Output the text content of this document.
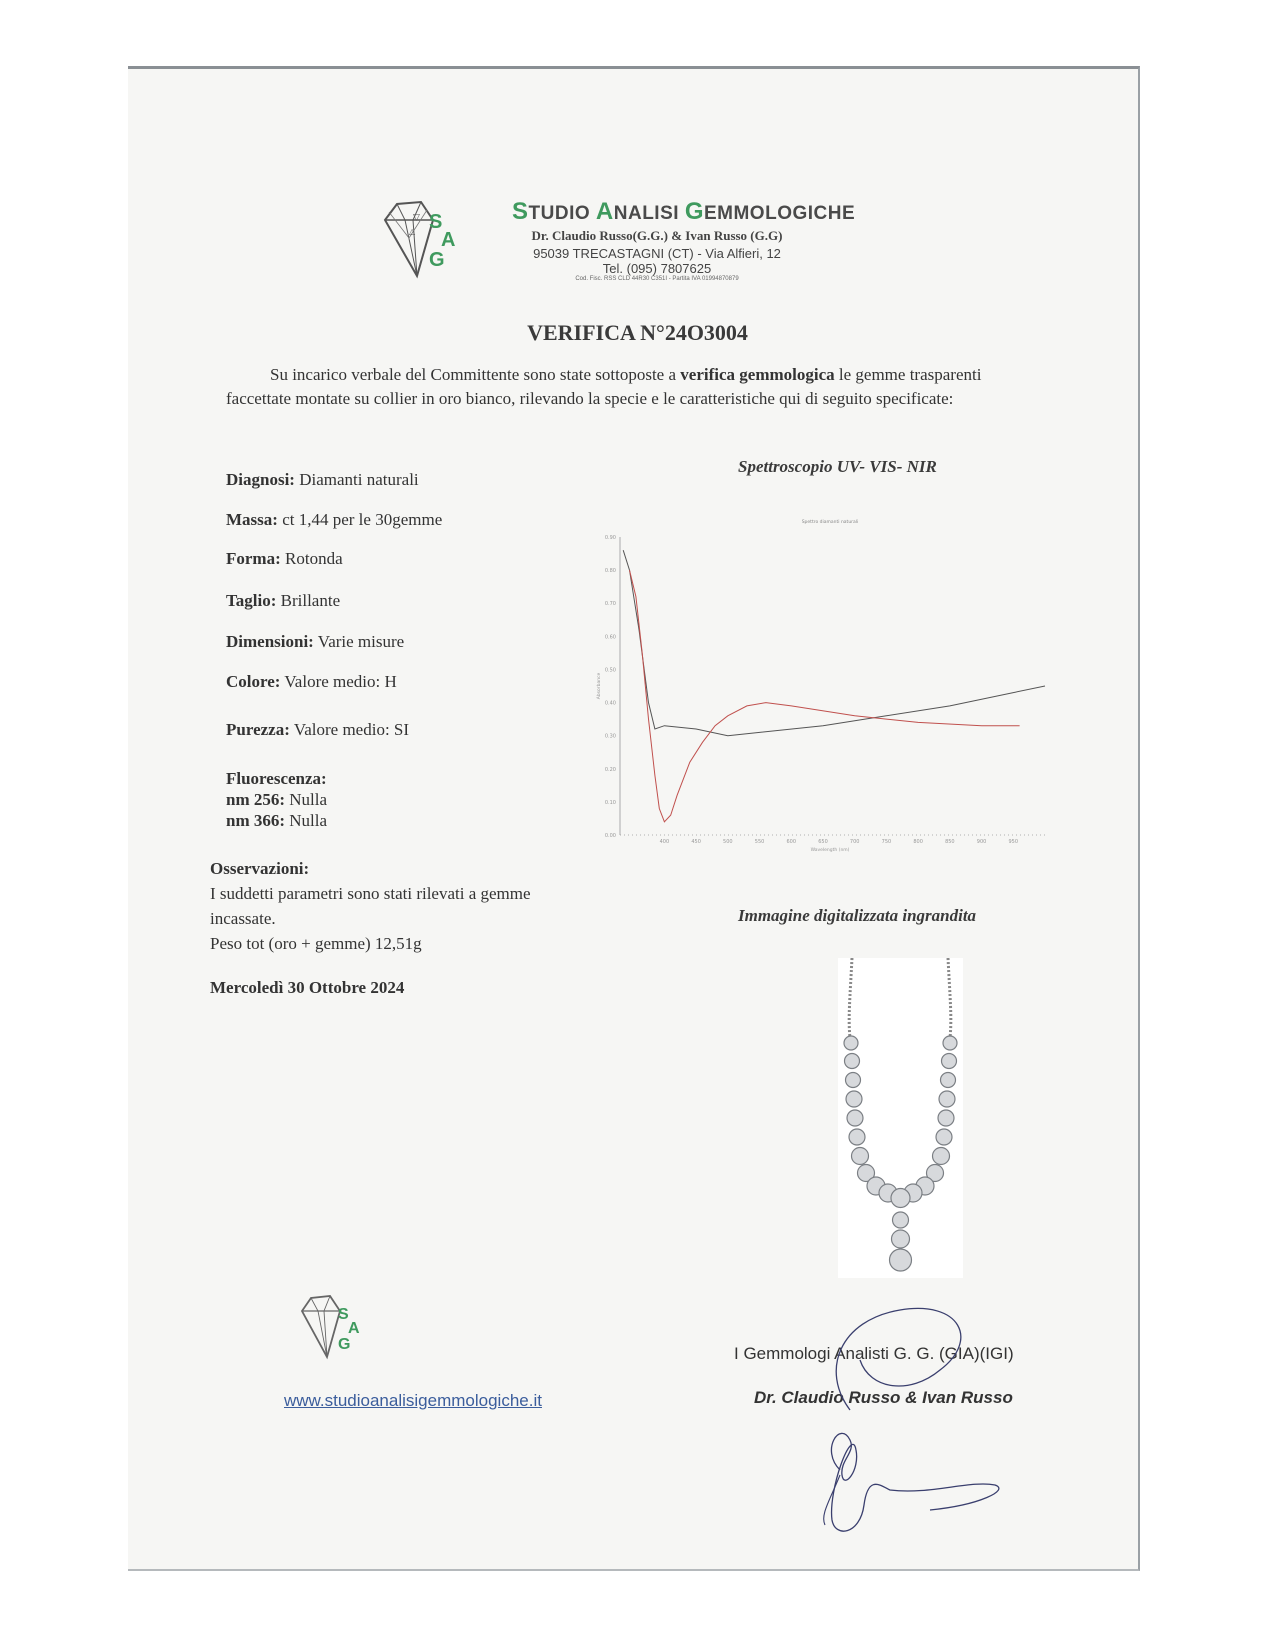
▽
△ S
A
G
STUDIO ANALISI GEMMOLOGICHE
Dr. Claudio Russo(G.G.) & Ivan Russo (G.G)
95039 TRECASTAGNI (CT) - Via Alfieri, 12
Tel. (095) 7807625
Cod. Fisc. RSS CLD 44R30 C351I - Partita IVA 01994870879
VERIFICA N°24O3004
Su incarico verbale del Committente sono state sottoposte a verifica gemmologica le gemme trasparenti faccettate montate su collier in oro bianco, rilevando la specie e le caratteristiche qui di seguito specificate:
Diagnosi: Diamanti naturali
Massa: ct 1,44 per le 30gemme
Forma: Rotonda
Taglio: Brillante
Dimensioni: Varie misure
Colore: Valore medio: H
Purezza: Valore medio: SI
Fluorescenza:
nm 256: Nulla
nm 366: Nulla
Osservazioni:
I suddetti parametri sono stati rilevati a gemme
incassate.
Peso tot (oro + gemme) 12,51g
Mercoledì 30 Ottobre 2024
Spettroscopio UV- VIS- NIR
0.00
0.10
0.20
0.30
0.40
0.50
0.60
0.70
0.80
0.90
400	450	500	550	600	650	700	750	800	850	900	950
Spettro diamanti naturali
Wavelength (nm)
Absorbance
Immagine digitalizzata ingrandita
S
A
G
www.studioanalisigemmologiche.it
I Gemmologi Analisti G. G. (GIA)(IGI)
Dr. Claudio Russo & Ivan Russo
